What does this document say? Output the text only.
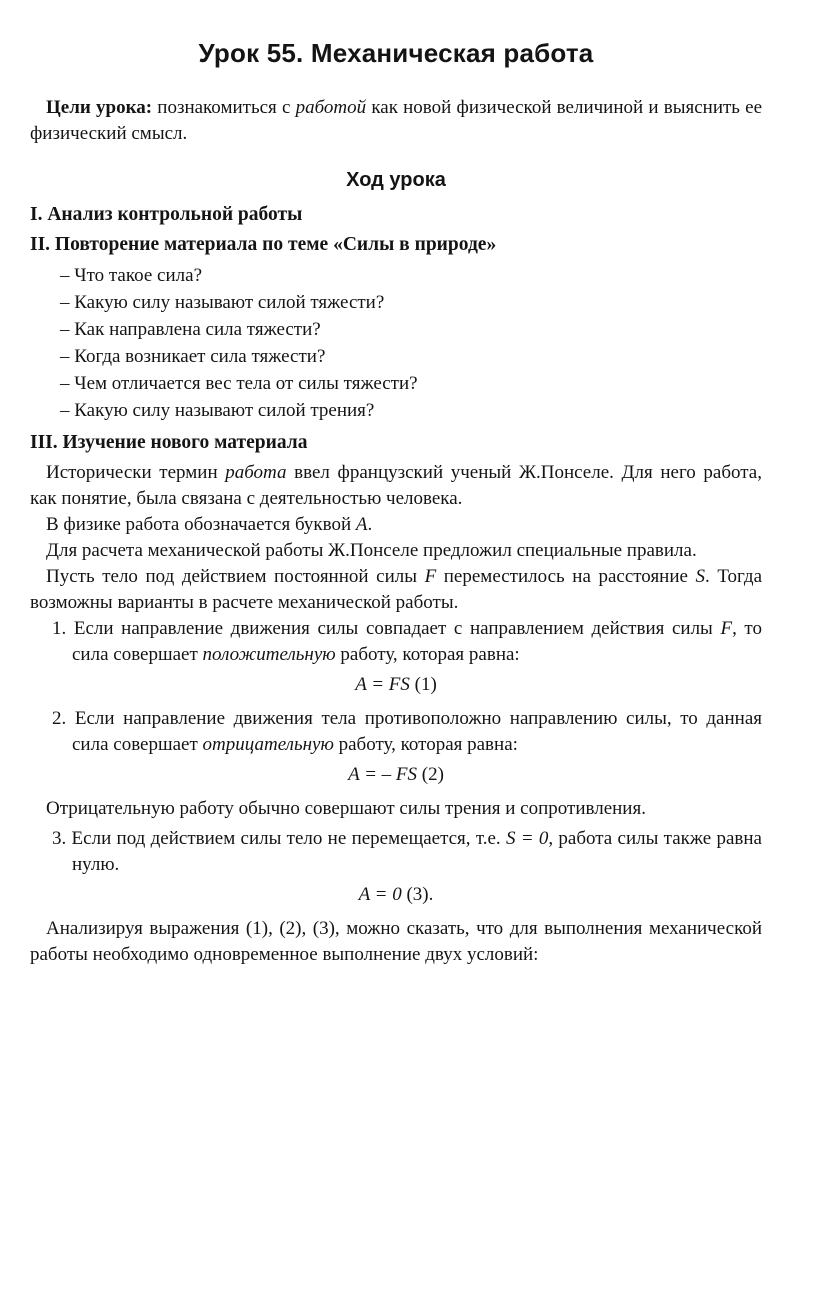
Урок 55. Механическая работа

Цели урока: познакомиться с работой как новой физической величиной и выяснить ее физический смысл.

Ход урока
I. Анализ контрольной работы
II. Повторение материала по теме «Силы в природе»
– Что такое сила?
– Какую силу называют силой тяжести?
– Как направлена сила тяжести?
– Когда возникает сила тяжести?
– Чем отличается вес тела от силы тяжести?
– Какую силу называют силой трения?
III. Изучение нового материала

Исторически термин работа ввел французский ученый Ж.Понселе. Для него работа, как понятие, была связана с деятельностью человека.

В физике работа обозначается буквой А.

Для расчета механической работы Ж.Понселе предложил специальные правила.

Пусть тело под действием постоянной силы F переместилось на расстояние S. Тогда возможны варианты в расчете механической работы.

1. Если направление движения силы совпадает с направлением действия силы F, то сила совершает положительную работу, которая равна:

A = FS (1)

2. Если направление движения тела противоположно направлению силы, то данная сила совершает отрицательную работу, которая равна:

A = – FS (2)

Отрицательную работу обычно совершают силы трения и сопротивления.

3. Если под действием силы тело не перемещается, т.е. S = 0, работа силы также равна нулю.

A = 0 (3).

Анализируя выражения (1), (2), (3), можно сказать, что для выполнения механической работы необходимо одновременное выполнение двух условий:
